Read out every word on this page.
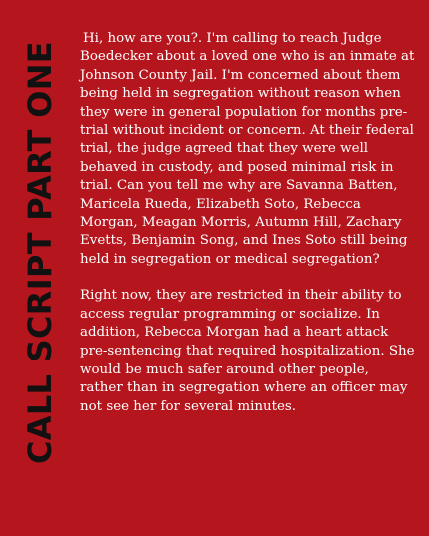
CALL SCRIPT PART ONE

Hi, how are you?. I'm calling to reach Judge Boedecker about a loved one who is an inmate at Johnson County Jail. I'm concerned about them being held in segregation without reason when they were in general population for months pre-trial without incident or concern. At their federal trial, the judge agreed that they were well behaved in custody, and posed minimal risk in trial. Can you tell me why are Savanna Batten, Maricela Rueda, Elizabeth Soto, Rebecca Morgan, Meagan Morris, Autumn Hill, Zachary Evetts, Benjamin Song, and Ines Soto still being held in segregation or medical segregation?

Right now, they are restricted in their ability to access regular programming or socialize. In addition, Rebecca Morgan had a heart attack pre-sentencing that required hospitalization. She would be much safer around other people, rather than in segregation where an officer may not see her for several minutes.
